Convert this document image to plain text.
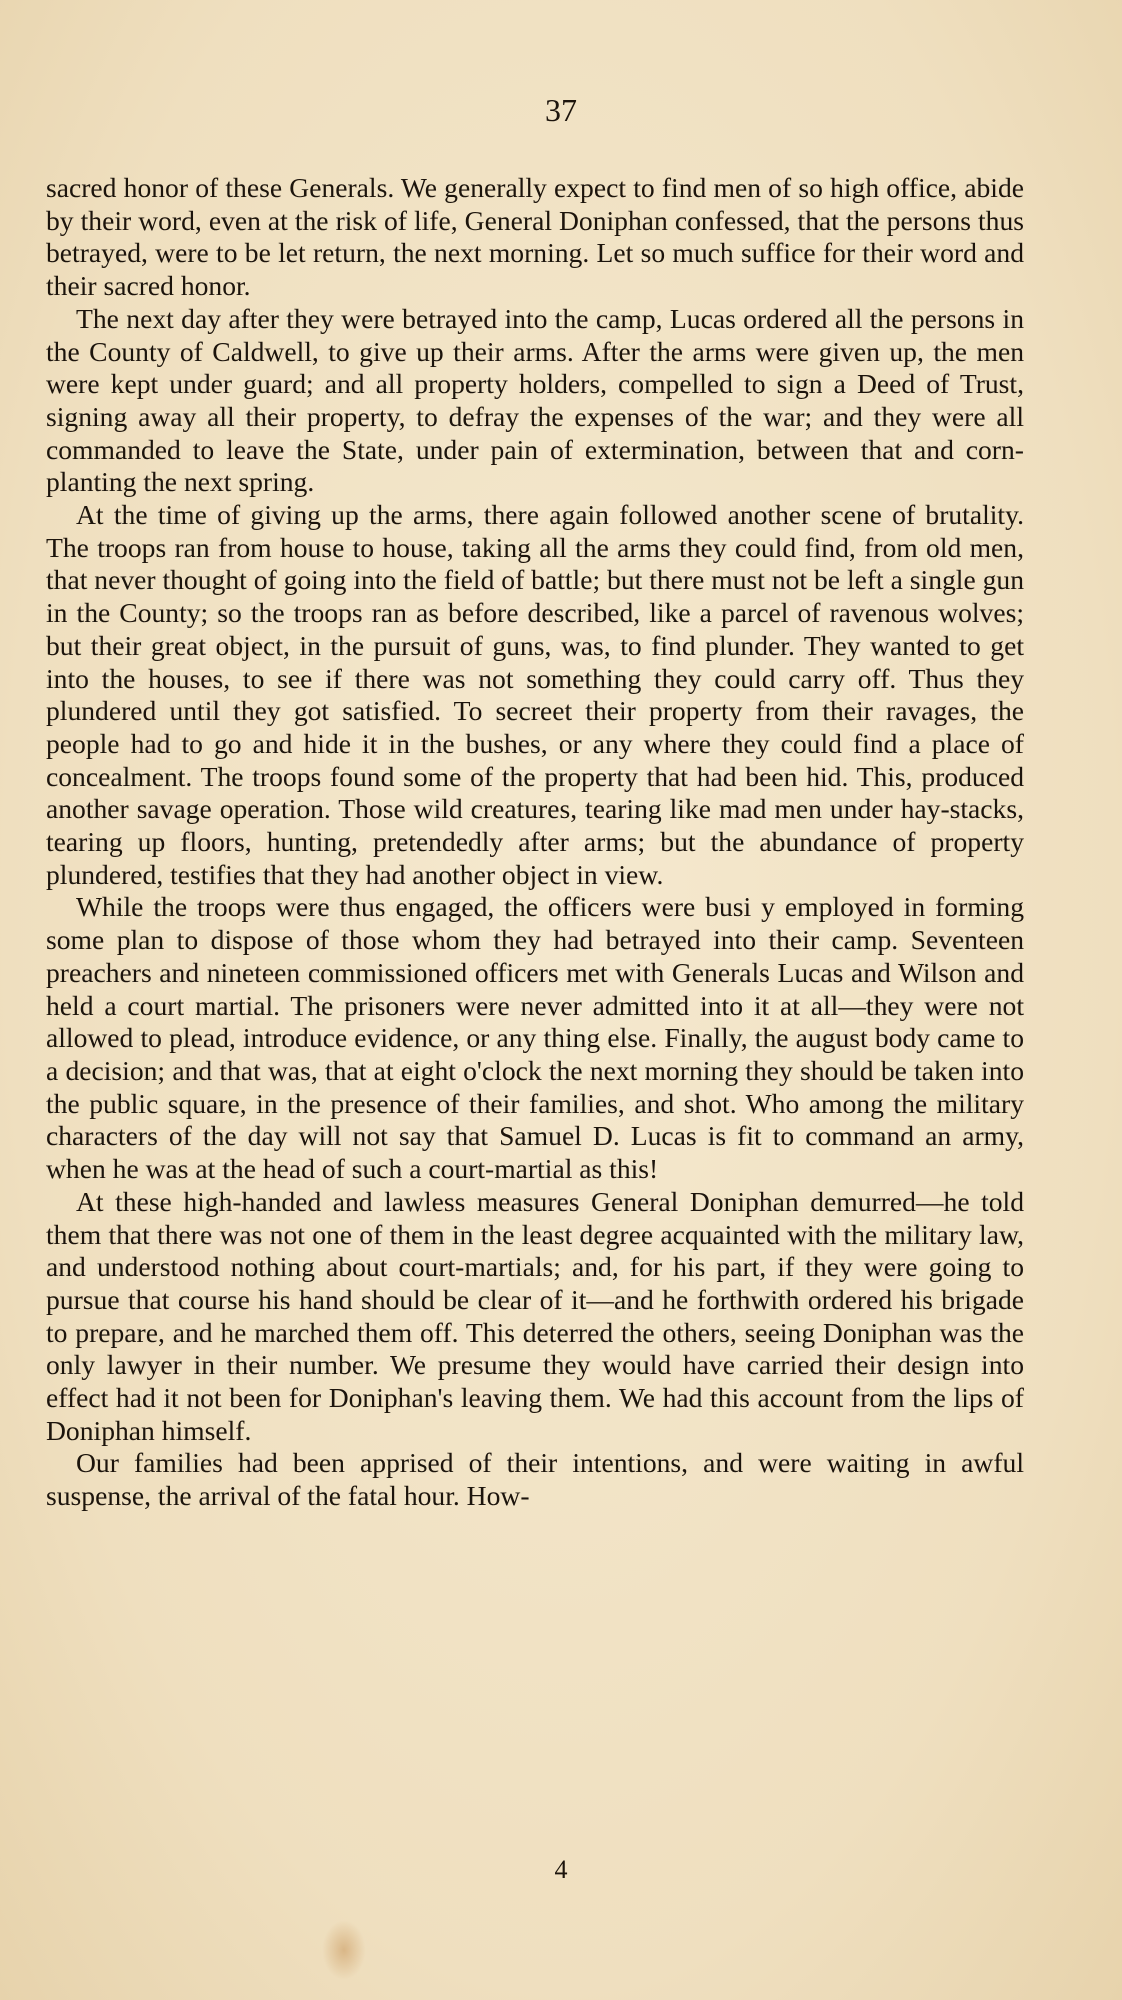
37

sacred honor of these Generals. We generally expect to find men of so high office, abide by their word, even at the risk of life, General Doniphan confessed, that the persons thus betrayed, were to be let return, the next morning. Let so much suffice for their word and their sacred honor.

The next day after they were betrayed into the camp, Lucas ordered all the persons in the County of Caldwell, to give up their arms. After the arms were given up, the men were kept under guard; and all property holders, compelled to sign a Deed of Trust, signing away all their property, to defray the expenses of the war; and they were all commanded to leave the State, under pain of extermination, between that and corn-planting the next spring.

At the time of giving up the arms, there again followed another scene of brutality. The troops ran from house to house, taking all the arms they could find, from old men, that never thought of going into the field of battle; but there must not be left a single gun in the County; so the troops ran as before described, like a parcel of ravenous wolves; but their great object, in the pursuit of guns, was, to find plunder. They wanted to get into the houses, to see if there was not something they could carry off. Thus they plundered until they got satisfied. To secreet their property from their ravages, the people had to go and hide it in the bushes, or any where they could find a place of concealment. The troops found some of the property that had been hid. This, produced another savage operation. Those wild creatures, tearing like mad men under hay-stacks, tearing up floors, hunting, pretendedly after arms; but the abundance of property plundered, testifies that they had another object in view.

While the troops were thus engaged, the officers were busi y employed in forming some plan to dispose of those whom they had betrayed into their camp. Seventeen preachers and nineteen commissioned officers met with Generals Lucas and Wilson and held a court martial. The prisoners were never admitted into it at all—they were not allowed to plead, introduce evidence, or any thing else. Finally, the august body came to a decision; and that was, that at eight o'clock the next morning they should be taken into the public square, in the presence of their families, and shot. Who among the military characters of the day will not say that Samuel D. Lucas is fit to command an army, when he was at the head of such a court-martial as this!

At these high-handed and lawless measures General Doniphan demurred—he told them that there was not one of them in the least degree acquainted with the military law, and understood nothing about court-martials; and, for his part, if they were going to pursue that course his hand should be clear of it—and he forthwith ordered his brigade to prepare, and he marched them off. This deterred the others, seeing Doniphan was the only lawyer in their number. We presume they would have carried their design into effect had it not been for Doniphan's leaving them. We had this account from the lips of Doniphan himself.

Our families had been apprised of their intentions, and were waiting in awful suspense, the arrival of the fatal hour. How-

4
